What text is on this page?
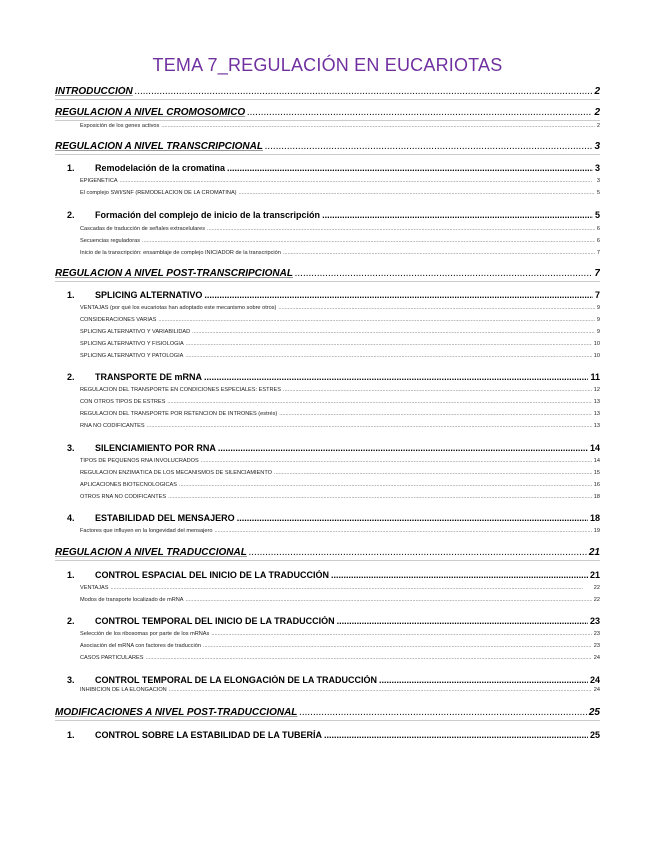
TEMA 7_REGULACIÓN EN EUCARIOTAS
INTRODUCCIÓN .....	2
REGULACIÓN A NIVEL CROMOSÓMICO .....	2
Exposición de los genes activos .....	2
REGULACIÓN A NIVEL TRANSCRIPCIONAL .....	3
1. Remodelación de la cromatina .....	3
EPIGENÉTICA .....	3
El complejo SWI/SNF (REMODELACIÓN DE LA CROMATINA) .....	5
2. Formación del complejo de inicio de la transcripción .....	5
Cascadas de traducción de señales extracelulares .....	6
Secuencias reguladoras .....	6
Inicio de la transcripción: ensamblaje de complejo INICIADOR de la transcripción .....	7
REGULACIÓN A NIVEL POST-TRANSCRIPCIONAL .....	7
1. SPLICING ALTERNATIVO .....	7
VENTAJAS (por qué los eucariotas han adoptado este mecanismo sobre otros) .....	9
CONSIDERACIONES VARIAS .....	9
SPLICING ALTERNATIVO Y VARIABILIDAD .....	9
SPLICING ALTERNATIVO Y FISIOLOGÍA .....	10
SPLICING ALTERNATIVO Y PATOLOGÍA .....	10
2. TRANSPORTE DE mRNA .....	11
REGULACIÓN DEL TRANSPORTE EN CONDICIONES ESPECIALES: ESTRÉS .....	12
CON OTROS TIPOS DE ESTRÉS .....	13
REGULACIÓN DEL TRANSPORTE POR RETENCIÓN DE INTRONES (estrés) .....	13
RNA NO CODIFICANTES .....	13
3. SILENCIAMIENTO POR RNA .....	14
TIPOS DE PEQUEÑOS RNA INVOLUCRADOS .....	14
REGULACIÓN ENZIMÁTICA DE LOS MECANISMOS DE SILENCIAMIENTO .....	15
APLICACIONES BIOTECNOLÓGICAS .....	16
OTROS RNA NO CODIFICANTES .....	18
4. ESTABILIDAD DEL MENSAJERO .....	18
Factores que influyen en la longevidad del mensajero .....	19
REGULACIÓN A NIVEL TRADUCCIONAL .....	21
1. CONTROL ESPACIAL DEL INICIO DE LA TRADUCCIÓN .....	21
VENTAJAS .....	22
Modos de transporte localizado de mRNA .....	22
2. CONTROL TEMPORAL DEL INICIO DE LA TRADUCCIÓN .....	23
Selección de los ribosomas por parte de los mRNAs .....	23
Asociación del mRNA con factores de traducción .....	23
CASOS PARTICULARES .....	24
3. CONTROL TEMPORAL DE LA ELONGACIÓN DE LA TRADUCCIÓN .....	24
INHIBICIÓN DE LA ELONGACIÓN .....	24
MODIFICACIONES A NIVEL POST-TRADUCCIONAL .....	25
1. CONTROL SOBRE LA ESTABILIDAD DE LA TUBERÍA .....	25
